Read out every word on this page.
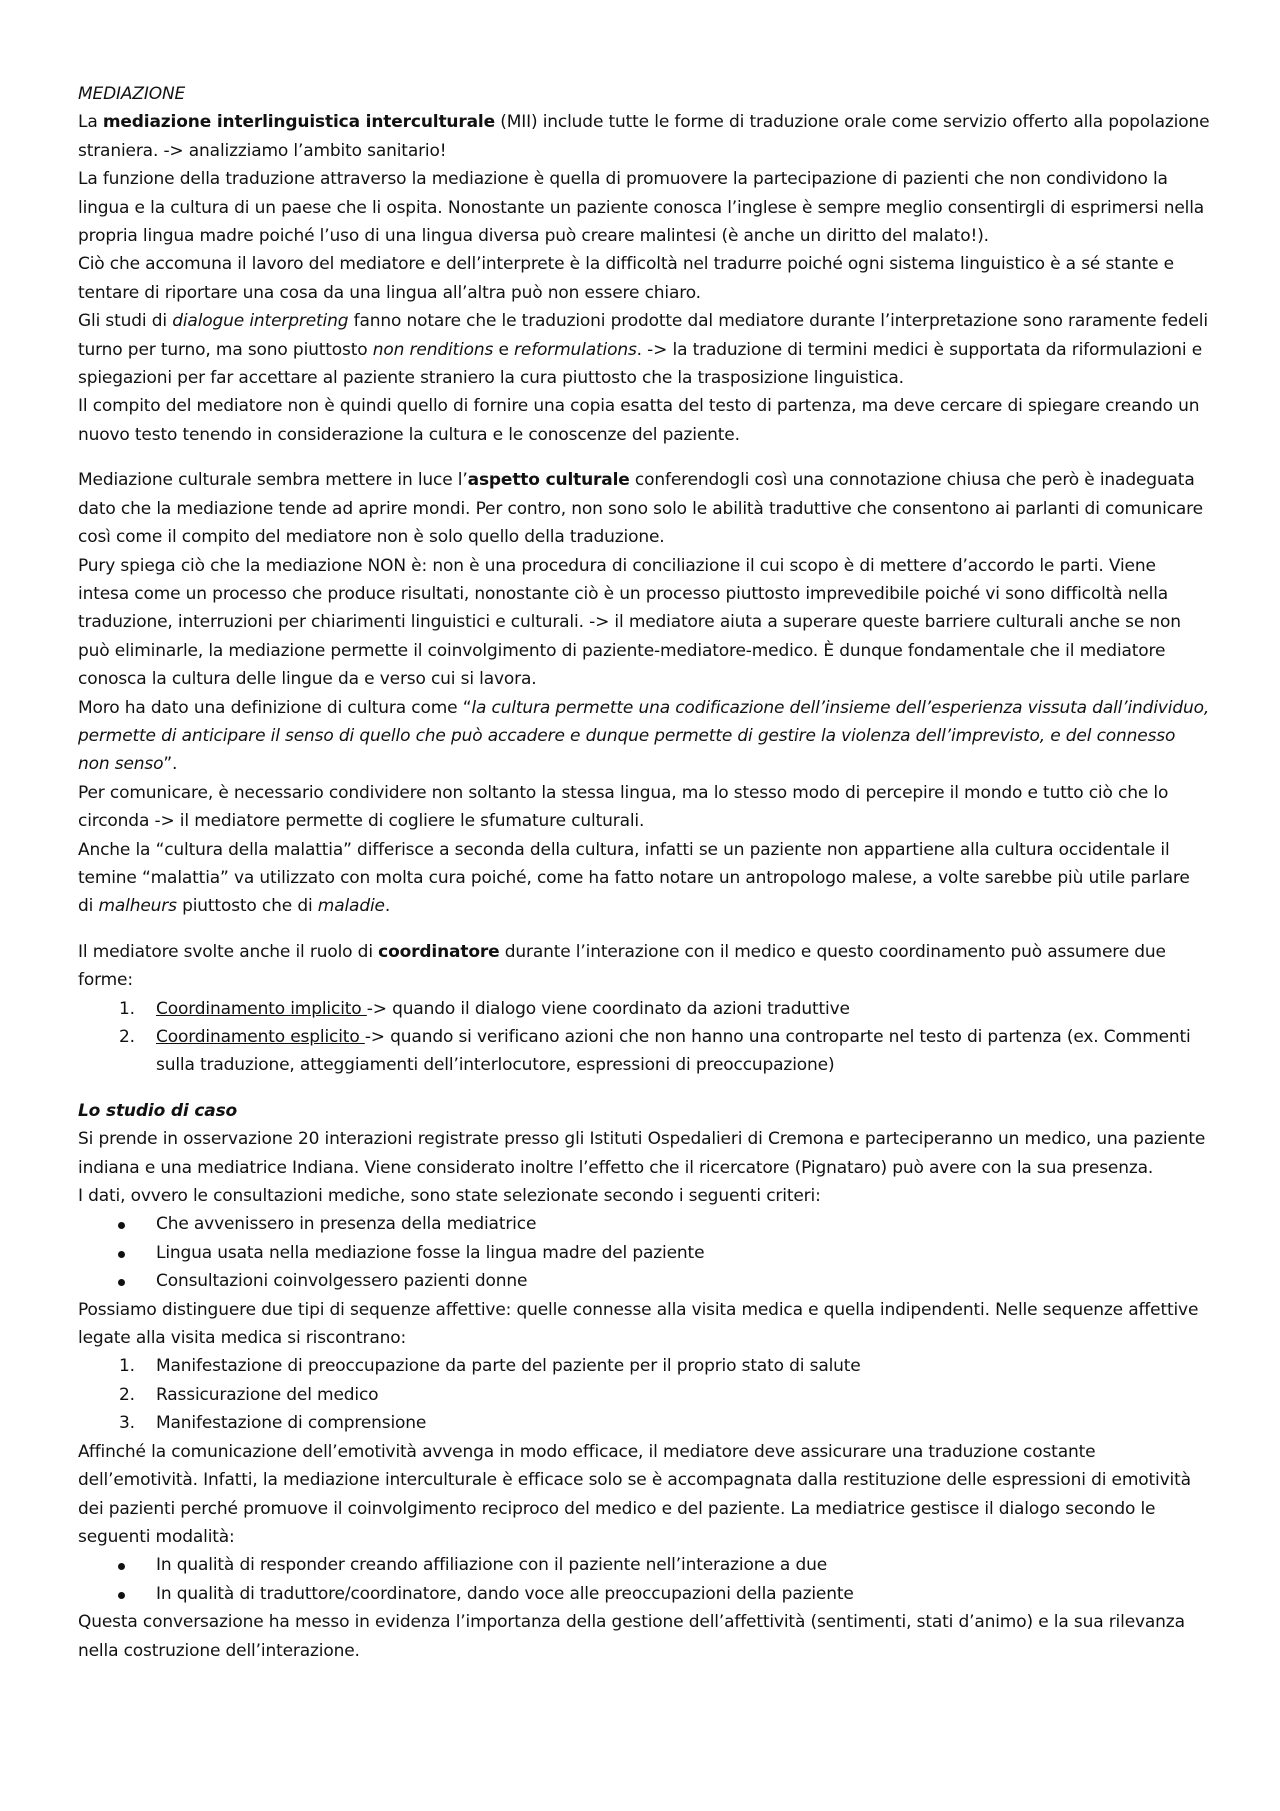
MEDIAZIONE

La mediazione interlinguistica interculturale (MII) include tutte le forme di traduzione orale come servizio offerto alla popolazione straniera. -> analizziamo l’ambito sanitario!

La funzione della traduzione attraverso la mediazione è quella di promuovere la partecipazione di pazienti che non condividono la lingua e la cultura di un paese che li ospita. Nonostante un paziente conosca l’inglese è sempre meglio consentirgli di esprimersi nella propria lingua madre poiché l’uso di una lingua diversa può creare malintesi (è anche un diritto del malato!).

Ciò che accomuna il lavoro del mediatore e dell’interprete è la difficoltà nel tradurre poiché ogni sistema linguistico è a sé stante e tentare di riportare una cosa da una lingua all’altra può non essere chiaro.

Gli studi di dialogue interpreting fanno notare che le traduzioni prodotte dal mediatore durante l’interpretazione sono raramente fedeli turno per turno, ma sono piuttosto non renditions e reformulations. -> la traduzione di termini medici è supportata da riformulazioni e spiegazioni per far accettare al paziente straniero la cura piuttosto che la trasposizione linguistica.

Il compito del mediatore non è quindi quello di fornire una copia esatta del testo di partenza, ma deve cercare di spiegare creando un nuovo testo tenendo in considerazione la cultura e le conoscenze del paziente.

Mediazione culturale sembra mettere in luce l’aspetto culturale conferendogli così una connotazione chiusa che però è inadeguata dato che la mediazione tende ad aprire mondi. Per contro, non sono solo le abilità traduttive che consentono ai parlanti di comunicare così come il compito del mediatore non è solo quello della traduzione.

Pury spiega ciò che la mediazione NON è: non è una procedura di conciliazione il cui scopo è di mettere d’accordo le parti. Viene intesa come un processo che produce risultati, nonostante ciò è un processo piuttosto imprevedibile poiché vi sono difficoltà nella traduzione, interruzioni per chiarimenti linguistici e culturali. -> il mediatore aiuta a superare queste barriere culturali anche se non può eliminarle, la mediazione permette il coinvolgimento di paziente-mediatore-medico. È dunque fondamentale che il mediatore conosca la cultura delle lingue da e verso cui si lavora.

Moro ha dato una definizione di cultura come “la cultura permette una codificazione dell’insieme dell’esperienza vissuta dall’individuo, permette di anticipare il senso di quello che può accadere e dunque permette di gestire la violenza dell’imprevisto, e del connesso non senso”.

Per comunicare, è necessario condividere non soltanto la stessa lingua, ma lo stesso modo di percepire il mondo e tutto ciò che lo circonda -> il mediatore permette di cogliere le sfumature culturali.

Anche la “cultura della malattia” differisce a seconda della cultura, infatti se un paziente non appartiene alla cultura occidentale il temine “malattia” va utilizzato con molta cura poiché, come ha fatto notare un antropologo malese, a volte sarebbe più utile parlare di malheurs piuttosto che di maladie.

Il mediatore svolte anche il ruolo di coordinatore durante l’interazione con il medico e questo coordinamento può assumere due forme:

1. Coordinamento implicito -> quando il dialogo viene coordinato da azioni traduttive
2. Coordinamento esplicito -> quando si verificano azioni che non hanno una controparte nel testo di partenza (ex. Commenti sulla traduzione, atteggiamenti dell’interlocutore, espressioni di preoccupazione)

Lo studio di caso

Si prende in osservazione 20 interazioni registrate presso gli Istituti Ospedalieri di Cremona e parteciperanno un medico, una paziente indiana e una mediatrice Indiana. Viene considerato inoltre l’effetto che il ricercatore (Pignataro) può avere con la sua presenza.

I dati, ovvero le consultazioni mediche, sono state selezionate secondo i seguenti criteri:

Che avvenissero in presenza della mediatrice
Lingua usata nella mediazione fosse la lingua madre del paziente
Consultazioni coinvolgessero pazienti donne

Possiamo distinguere due tipi di sequenze affettive: quelle connesse alla visita medica e quella indipendenti. Nelle sequenze affettive legate alla visita medica si riscontrano:

1. Manifestazione di preoccupazione da parte del paziente per il proprio stato di salute
2. Rassicurazione del medico
3. Manifestazione di comprensione

Affinché la comunicazione dell’emotività avvenga in modo efficace, il mediatore deve assicurare una traduzione costante dell’emotività. Infatti, la mediazione interculturale è efficace solo se è accompagnata dalla restituzione delle espressioni di emotività dei pazienti perché promuove il coinvolgimento reciproco del medico e del paziente. La mediatrice gestisce il dialogo secondo le seguenti modalità:

In qualità di responder creando affiliazione con il paziente nell’interazione a due
In qualità di traduttore/coordinatore, dando voce alle preoccupazioni della paziente

Questa conversazione ha messo in evidenza l’importanza della gestione dell’affettività (sentimenti, stati d’animo) e la sua rilevanza nella costruzione dell’interazione.
